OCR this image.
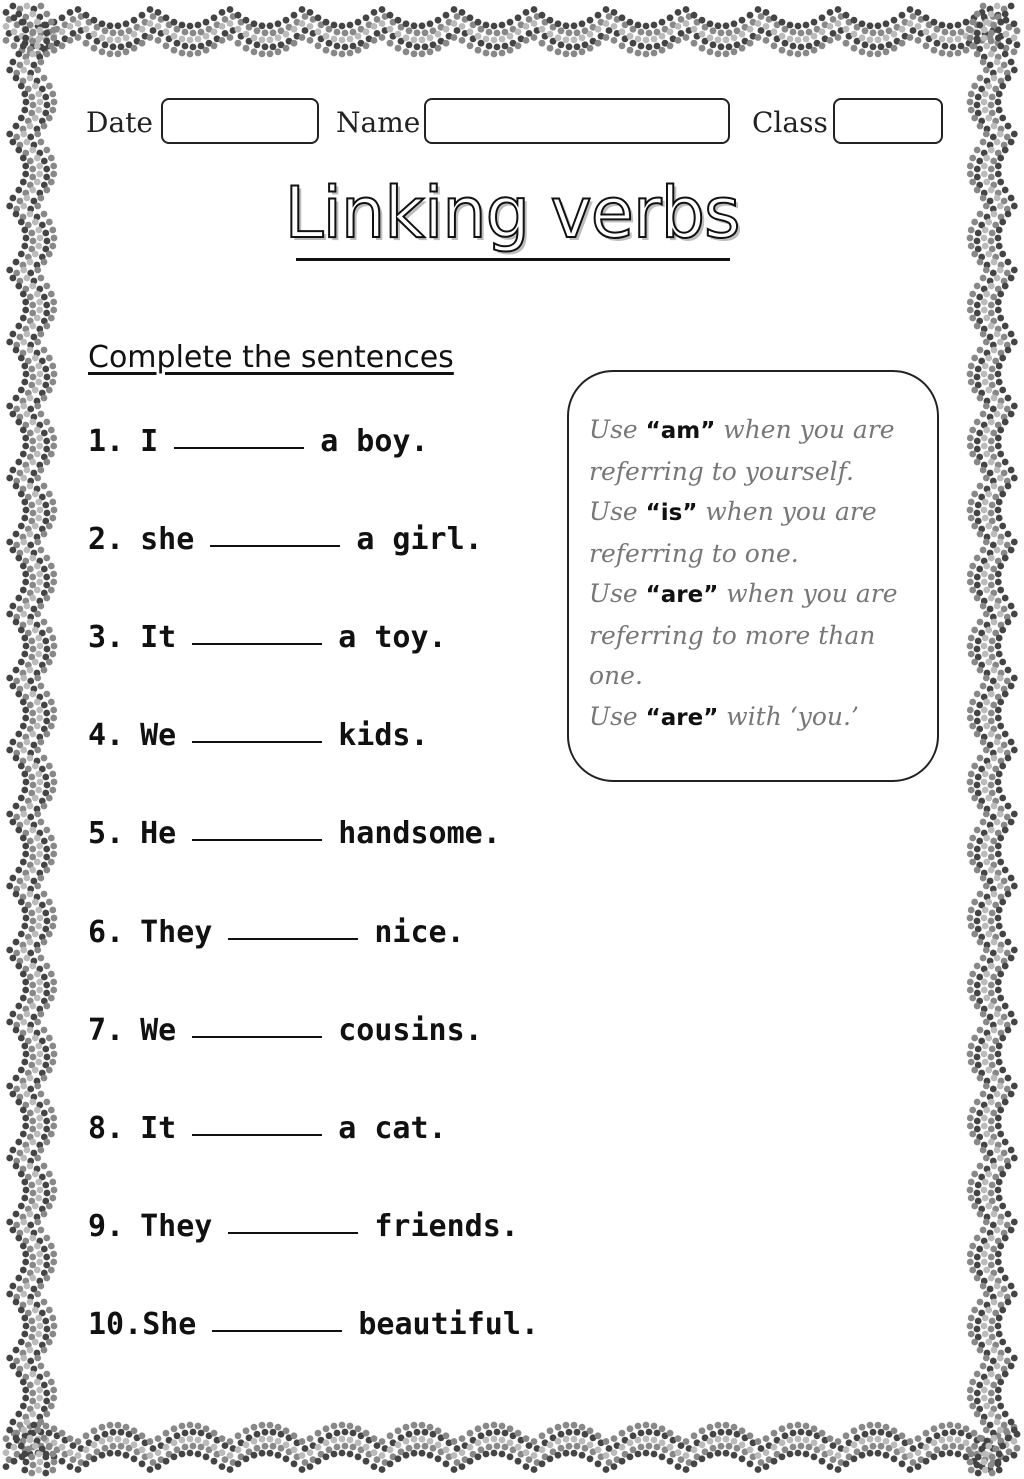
Date	Name	Class
Linking verbs
Complete the sentences
1. I	a boy.
2. she	a girl.
3. It	a toy.
4. We	kids.
5. He	handsome.
6. They	nice.
7. We	cousins.
8. It	a cat.
9. They	friends.
10. She	beautiful.
Use “am” when you are referring to yourself.
Use “is” when you are referring to one.
Use “are” when you are referring to more than one.
Use “are” with ‘you.’
